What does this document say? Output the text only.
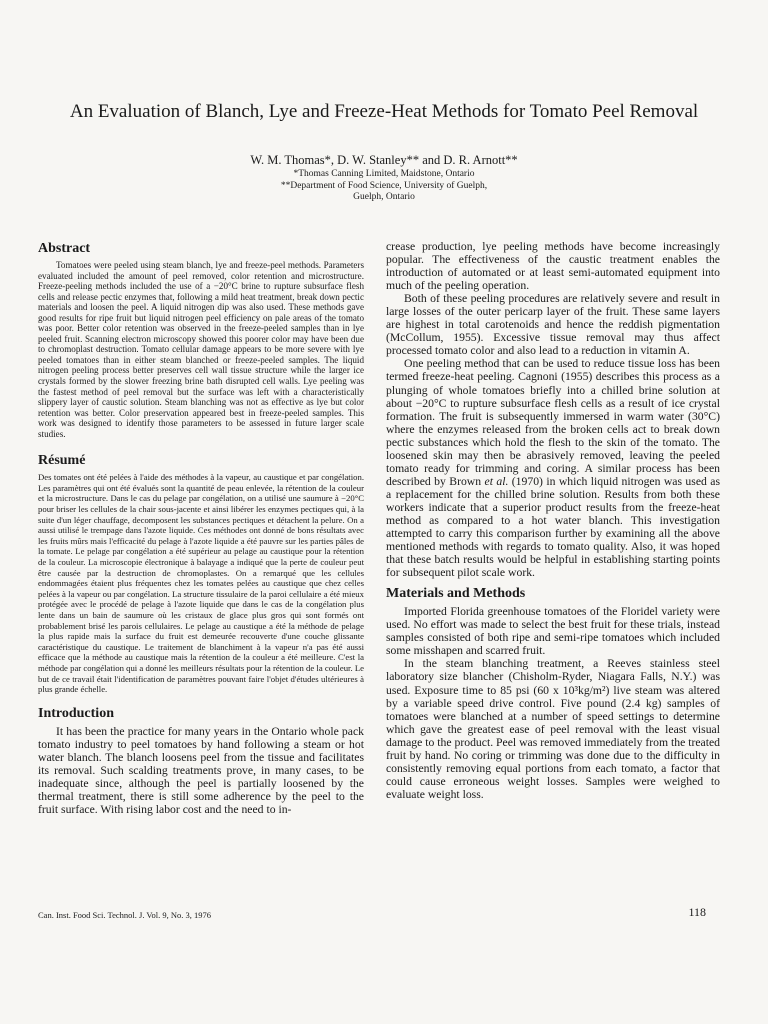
An Evaluation of Blanch, Lye and Freeze-Heat Methods for Tomato Peel Removal
W. M. Thomas*, D. W. Stanley** and D. R. Arnott**
*Thomas Canning Limited, Maidstone, Ontario
**Department of Food Science, University of Guelph,
Guelph, Ontario
Abstract

Tomatoes were peeled using steam blanch, lye and freeze-peel methods. Parameters evaluated included the amount of peel removed, color retention and microstructure. Freeze-peeling methods included the use of a −20°C brine to rupture subsurface flesh cells and release pectic enzymes that, following a mild heat treatment, break down pectic materials and loosen the peel. A liquid nitrogen dip was also used. These methods gave good results for ripe fruit but liquid nitrogen peel efficiency on pale areas of the tomato was poor. Better color retention was observed in the freeze-peeled samples than in lye peeled fruit. Scanning electron microscopy showed this poorer color may have been due to chromoplast destruction. Tomato cellular damage appears to be more severe with lye peeled tomatoes than in either steam blanched or freeze-peeled samples. The liquid nitrogen peeling process better preserves cell wall tissue structure while the larger ice crystals formed by the slower freezing brine bath disrupted cell walls. Lye peeling was the fastest method of peel removal but the surface was left with a characteristically slippery layer of caustic solution. Steam blanching was not as effective as lye but color retention was better. Color preservation appeared best in freeze-peeled samples. This work was designed to identify those parameters to be assessed in future larger scale studies.

Résumé

Des tomates ont été pelées à l'aide des méthodes à la vapeur, au caustique et par congélation. Les paramètres qui ont été évalués sont la quantité de peau enlevée, la rétention de la couleur et la microstructure. Dans le cas du pelage par congélation, on a utilisé une saumure à −20°C pour briser les cellules de la chair sous-jacente et ainsi libérer les enzymes pectiques qui, à la suite d'un léger chauffage, decomposent les substances pectiques et détachent la pelure. On a aussi utilisé le trempage dans l'azote liquide. Ces méthodes ont donné de bons résultats avec les fruits mûrs mais l'efficacité du pelage à l'azote liquide a été pauvre sur les parties pâles de la tomate. Le pelage par congélation a été supérieur au pelage au caustique pour la rétention de la couleur. La microscopie électronique à balayage a indiqué que la perte de couleur peut être causée par la destruction de chromoplastes. On a remarqué que les cellules endommagées étaient plus fréquentes chez les tomates pelées au caustique que chez celles pelées à la vapeur ou par congélation. La structure tissulaire de la paroi cellulaire a été mieux protégée avec le procédé de pelage à l'azote liquide que dans le cas de la congélation plus lente dans un bain de saumure où les cristaux de glace plus gros qui sont formés ont probablement brisé les parois cellulaires. Le pelage au caustique a été la méthode de pelage la plus rapide mais la surface du fruit est demeurée recouverte d'une couche glissante caractéristique du caustique. Le traitement de blanchiment à la vapeur n'a pas été aussi efficace que la méthode au caustique mais la rétention de la couleur a été meilleure. C'est la méthode par congélation qui a donné les meilleurs résultats pour la rétention de la couleur. Le but de ce travail était l'identification de paramètres pouvant faire l'objet d'études ultérieures à plus grande échelle.

Introduction

It has been the practice for many years in the Ontario whole pack tomato industry to peel tomatoes by hand following a steam or hot water blanch. The blanch loosens peel from the tissue and facilitates its removal. Such scalding treatments prove, in many cases, to be inadequate since, although the peel is partially loosened by the thermal treatment, there is still some adherence by the peel to the fruit surface. With rising labor cost and the need to in-

crease production, lye peeling methods have become increasingly popular. The effectiveness of the caustic treatment enables the introduction of automated or at least semi-automated equipment into much of the peeling operation.

Both of these peeling procedures are relatively severe and result in large losses of the outer pericarp layer of the fruit. These same layers are highest in total carotenoids and hence the reddish pigmentation (McCollum, 1955). Excessive tissue removal may thus affect processed tomato color and also lead to a reduction in vitamin A.

One peeling method that can be used to reduce tissue loss has been termed freeze-heat peeling. Cagnoni (1955) describes this process as a plunging of whole tomatoes briefly into a chilled brine solution at about −20°C to rupture subsurface flesh cells as a result of ice crystal formation. The fruit is subsequently immersed in warm water (30°C) where the enzymes released from the broken cells act to break down pectic substances which hold the flesh to the skin of the tomato. The loosened skin may then be abrasively removed, leaving the peeled tomato ready for trimming and coring. A similar process has been described by Brown et al. (1970) in which liquid nitrogen was used as a replacement for the chilled brine solution. Results from both these workers indicate that a superior product results from the freeze-heat method as compared to a hot water blanch. This investigation attempted to carry this comparison further by examining all the above mentioned methods with regards to tomato quality. Also, it was hoped that these batch results would be helpful in establishing starting points for subsequent pilot scale work.

Materials and Methods

Imported Florida greenhouse tomatoes of the Floridel variety were used. No effort was made to select the best fruit for these trials, instead samples consisted of both ripe and semi-ripe tomatoes which included some misshapen and scarred fruit.

In the steam blanching treatment, a Reeves stainless steel laboratory size blancher (Chisholm-Ryder, Niagara Falls, N.Y.) was used. Exposure time to 85 psi (60 x 10³kg/m²) live steam was altered by a variable speed drive control. Five pound (2.4 kg) samples of tomatoes were blanched at a number of speed settings to determine which gave the greatest ease of peel removal with the least visual damage to the product. Peel was removed immediately from the treated fruit by hand. No coring or trimming was done due to the difficulty in consistently removing equal portions from each tomato, a factor that could cause erroneous weight losses. Samples were weighed to evaluate weight loss.

Can. Inst. Food Sci. Technol. J. Vol. 9, No. 3, 1976	118
